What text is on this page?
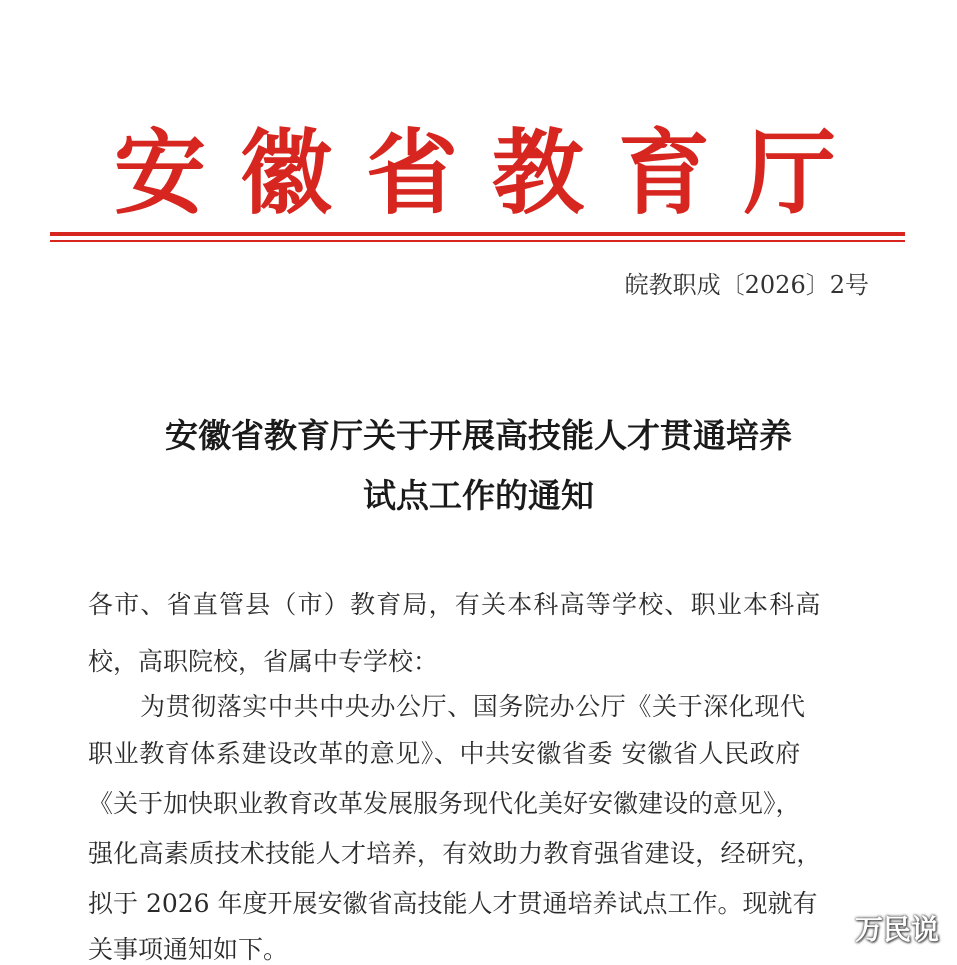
安徽省教育厅
皖教职成〔2026〕2号
安徽省教育厅关于开展高技能人才贯通培养
试点工作的通知
各市、省直管县（市）教育局，有关本科高等学校、职业本科高
校，高职院校，省属中专学校：
为贯彻落实中共中央办公厅、国务院办公厅《关于深化现代
职业教育体系建设改革的意见》、中共安徽省委 安徽省人民政府
《关于加快职业教育改革发展服务现代化美好安徽建设的意见》，
强化高素质技术技能人才培养，有效助力教育强省建设，经研究，
拟于 2026 年度开展安徽省高技能人才贯通培养试点工作。现就有
关事项通知如下。
万民说
